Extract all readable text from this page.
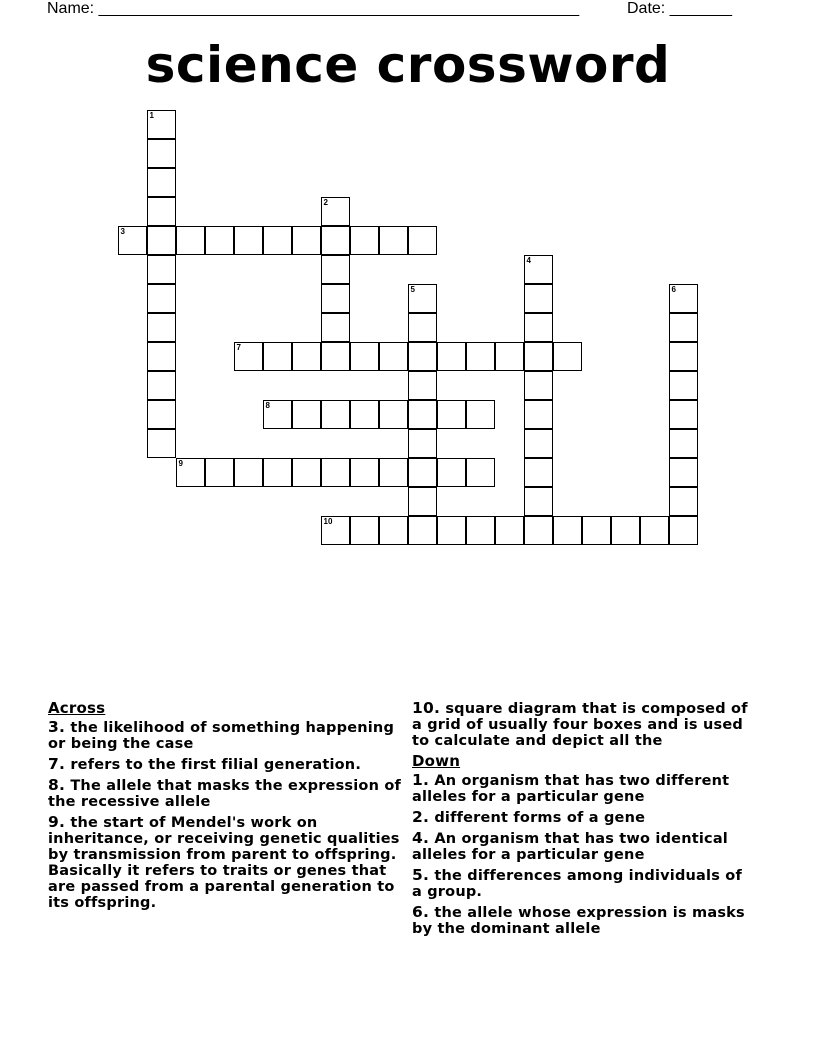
Name: ______________________________________________________	Date: _______
science crossword
1
2
3
4
5	6
7
8
9
10
Across
3. the likelihood of something happening or being the case
7. refers to the first filial generation.
8. The allele that masks the expression of the recessive allele
9. the start of Mendel's work on inheritance, or receiving genetic qualities by transmission from parent to offspring. Basically it refers to traits or genes that are passed from a parental generation to its offspring.
10. square diagram that is composed of a grid of usually four boxes and is used to calculate and depict all the
Down
1. An organism that has two different alleles for a particular gene
2. different forms of a gene
4. An organism that has two identical alleles for a particular gene
5. the differences among individuals of a group.
6. the allele whose expression is masks by the dominant allele
